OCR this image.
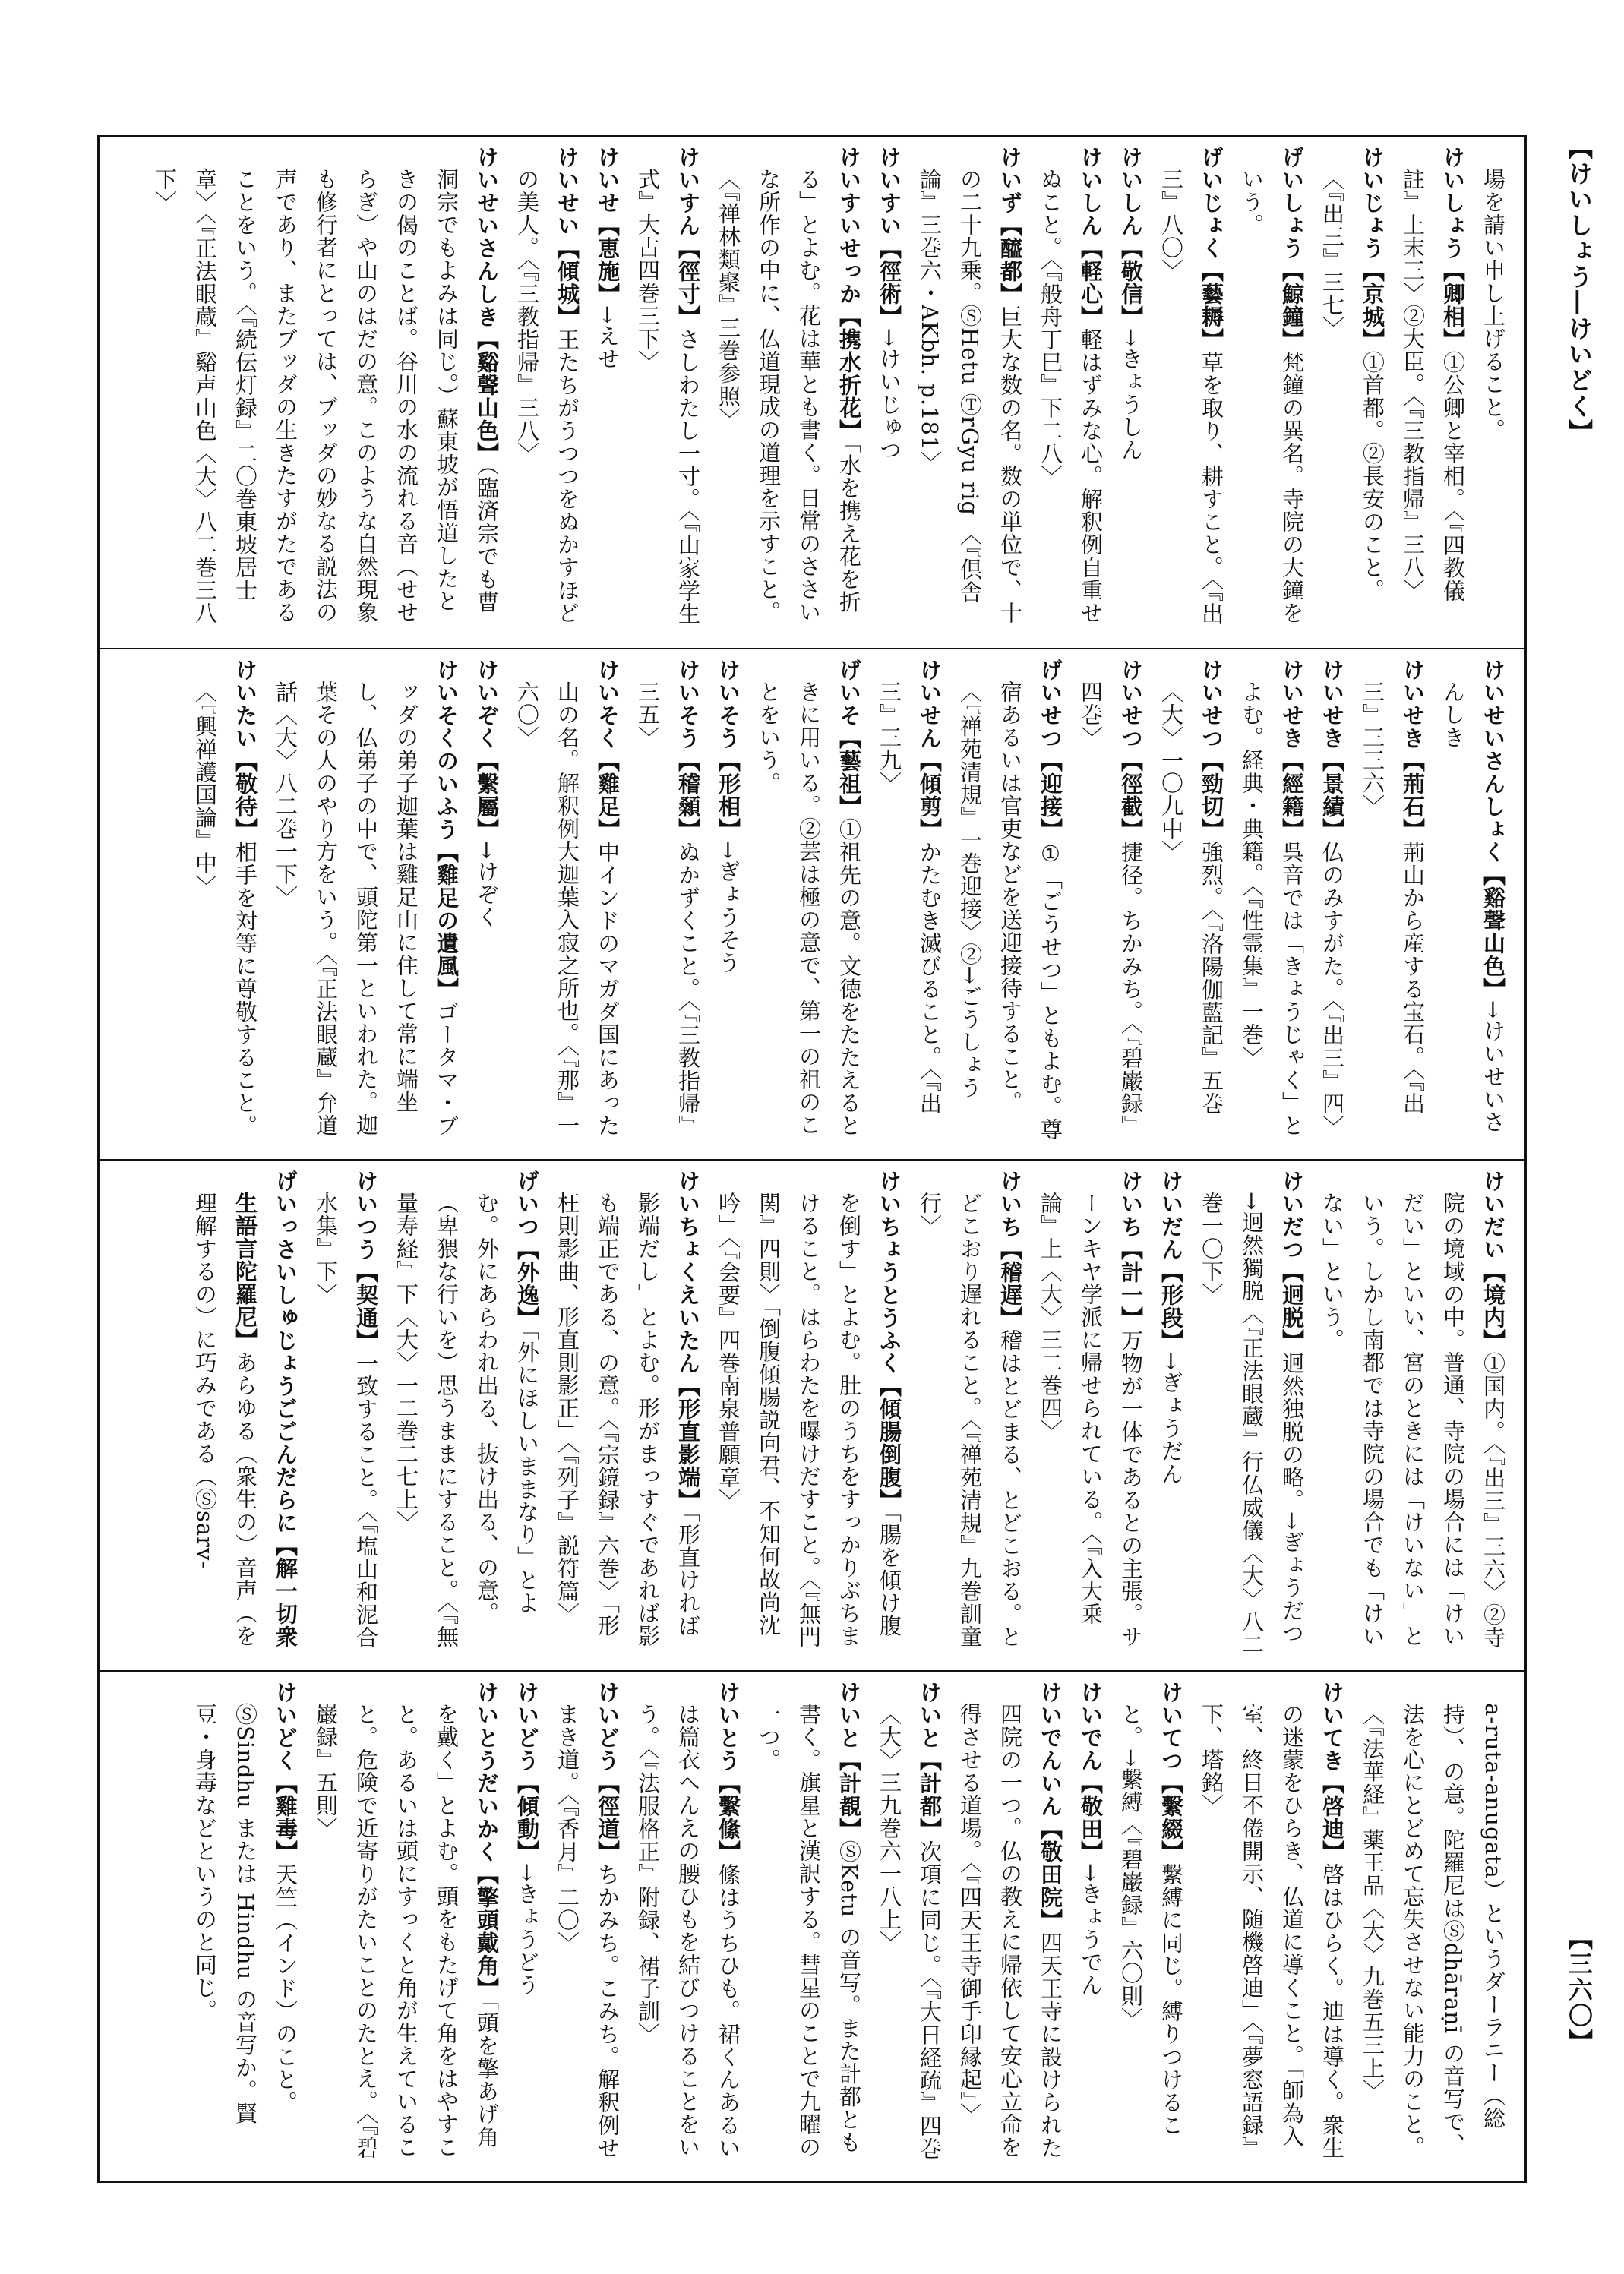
【けいしょう―けいどく】
【三六〇】

場を請い申し上げること。

けいしょう【卿相】①公卿と宰相。〈『四教儀註』上末三〉②大臣。〈『三教指帰』三八〉

けいじょう【京城】①首都。②長安のこと。〈『出三』三七〉

げいしょう【鯨鐘】梵鐘の異名。寺院の大鐘をいう。

げいじょく【藝耨】草を取り、耕すこと。〈『出三』八〇〉

けいしん【敬信】→きょうしん

けいしん【軽心】軽はずみな心。解釈例自重せぬこと。〈『般舟丁巳』下二八〉

けいず【醯都】巨大な数の名。数の単位で、十の二十九乗。ⓈHetu ⓉrGyu rig 〈『倶舎論』三巻六・AKbh. p.181〉

けいすい【徑術】→けいじゅつ

けいすいせっか【携水折花】「水を携え花を折る」とよむ。花は華とも書く。日常のささいな所作の中に、仏道現成の道理を示すこと。〈『禅林類聚』三巻参照〉

けいすん【徑寸】さしわたし一寸。〈『山家学生式』大占四巻三下〉

けいせ【恵施】→えせ

けいせい【傾城】王たちがうつつをぬかすほどの美人。〈『三教指帰』三八〉

けいせいさんしき【谿聲山色】（臨済宗でも曹洞宗でもよみは同じ。）蘇東坡が悟道したときの偈のことば。谷川の水の流れる音（せせらぎ）や山のはだの意。このような自然現象も修行者にとっては、ブッダの妙なる説法の声であり、またブッダの生きたすがたであることをいう。〈『続伝灯録』二〇巻東坡居士章〉〈『正法眼蔵』谿声山色〈大〉八二巻三八下〉

けいせいさんしょく【谿聲山色】→けいせいさんしき

けいせき【荊石】荊山から産する宝石。〈『出三』三三六〉

けいせき【景績】仏のみすがた。〈『出三』四〉

けいせき【經籍】呉音では「きょうじゃく」とよむ。経典・典籍。〈『性霊集』一巻〉

けいせつ【勁切】強烈。〈『洛陽伽藍記』五巻〈大〉一〇九中〉

けいせつ【徑截】捷径。ちかみち。〈『碧巌録』四巻〉

げいせつ【迎接】①「ごうせつ」ともよむ。尊宿あるいは官吏などを送迎接待すること。〈『禅苑清規』一巻迎接〉②→ごうしょう

けいせん【傾剪】かたむき滅びること。〈『出三』三九〉

げいそ【藝祖】①祖先の意。文徳をたたえるときに用いる。②芸は極の意で、第一の祖のことをいう。

けいそう【形相】→ぎょうそう

けいそう【稽顙】ぬかずくこと。〈『三教指帰』三五〉

けいそく【雞足】中インドのマガダ国にあった山の名。解釈例大迦葉入寂之所也。〈『那』一六〇〉

けいぞく【繫屬】→けぞく

けいそくのいふう【雞足の遺風】ゴータマ・ブッダの弟子迦葉は雞足山に住して常に端坐し、仏弟子の中で、頭陀第一といわれた。迦葉その人のやり方をいう。〈『正法眼蔵』弁道話〈大〉八二巻一下〉

けいたい【敬待】相手を対等に尊敬すること。〈『興禅護国論』中〉

けいだい【境内】①国内。〈『出三』三六〉②寺院の境域の中。普通、寺院の場合には「けいだい」といい、宮のときには「けいない」という。しかし南都では寺院の場合でも「けいない」という。

けいだつ【迥脱】迥然独脱の略。→ぎょうだつ→迥然獨脱〈『正法眼蔵』行仏威儀〈大〉八二巻一〇下〉

けいだん【形段】→ぎょうだん

けいち【計一】万物が一体であるとの主張。サーンキヤ学派に帰せられている。〈『入大乗論』上〈大〉三二巻四〉

けいち【稽遅】稽はとどまる、とどこおる。とどこおり遅れること。〈『禅苑清規』九巻訓童行〉

けいちょうとうふく【傾腸倒腹】「腸を傾け腹を倒す」とよむ。肚のうちをすっかりぶちまけること。はらわたを曝けだすこと。〈『無門関』四則〉「倒腹傾腸説向君、不知何故尚沈吟」〈『会要』四巻南泉普願章〉

けいちょくえいたん【形直影端】「形直ければ影端だし」とよむ。形がまっすぐであれば影も端正である、の意。〈『宗鏡録』六巻〉「形枉則影曲、形直則影正」〈『列子』説符篇〉

げいつ【外逸】「外にほしいままなり」とよむ。外にあらわれ出る、抜け出る、の意。（卑猥な行いを）思うままにすること。〈『無量寿経』下〈大〉一二巻二七上〉

けいつう【契通】一致すること。〈『塩山和泥合水集』下〉

げいっさいしゅじょうごごんだらに【解一切衆生語言陀羅尼】あらゆる（衆生の）音声（を理解するの）に巧みである（Ⓢsarv-

a-ruta-anugata）というダーラニー（総持）、の意。陀羅尼はⓈdhāraṇī の音写で、法を心にとどめて忘失させない能力のこと。〈『法華経』薬王品〈大〉九巻五三上〉

けいてき【啓迪】啓はひらく。迪は導く。衆生の迷蒙をひらき、仏道に導くこと。「師為入室、終日不倦開示、随機啓迪」〈『夢窓語録』下、塔銘〉

けいてつ【繫綴】繫縛に同じ。縛りつけること。→繫縛〈『碧巌録』六〇則〉

けいでん【敬田】→きょうでん

けいでんいん【敬田院】四天王寺に設けられた四院の一つ。仏の教えに帰依して安心立命を得させる道場。〈『四天王寺御手印縁起』〉

けいと【計都】次項に同じ。〈『大日経疏』四巻〈大〉三九巻六一八上〉

けいと【計覩】ⓈKetu の音写。また計都とも書く。旗星と漢訳する。彗星のことで九曜の一つ。

けいとう【繫絛】絛はうちひも。裙くんあるいは篇衣へんえの腰ひもを結びつけることをいう。〈『法服格正』附録、裙子訓〉

けいどう【徑道】ちかみち。こみち。解釈例せまき道。〈『香月』二〇〉

けいどう【傾動】→きょうどう

けいとうだいかく【擎頭戴角】「頭を擎あげ角を戴く」とよむ。頭をもたげて角をはやすこと。あるいは頭にすっくと角が生えていること。危険で近寄りがたいことのたとえ。〈『碧巌録』五則〉

けいどく【雞毒】天竺（インド）のこと。ⓈSindhu または Hindhu の音写か。賢豆・身毒などというのと同じ。
